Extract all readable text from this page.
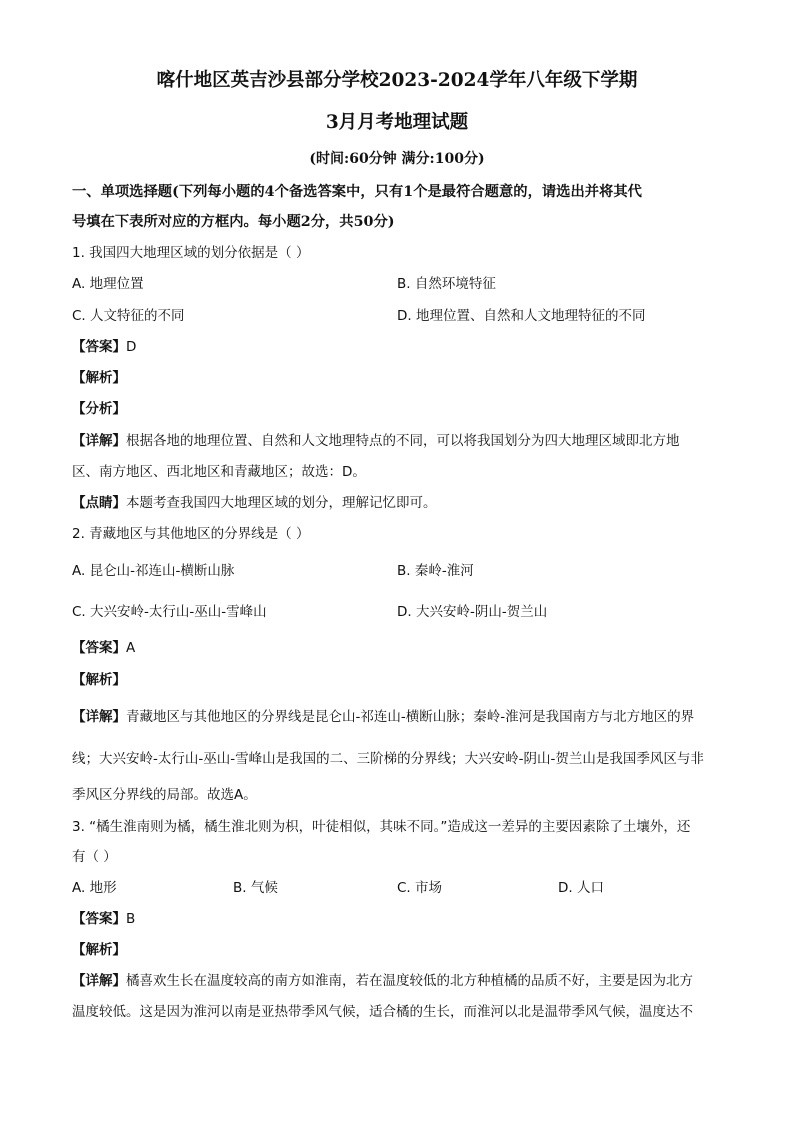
喀什地区英吉沙县部分学校2023-2024学年八年级下学期
3月月考地理试题
(时间:60分钟 满分:100分)
一、单项选择题(下列每小题的4个备选答案中，只有1个是最符合题意的，请选出并将其代
号填在下表所对应的方框内。每小题2分，共50分)
1. 我国四大地理区域的划分依据是（ ）
A. 地理位置	B. 自然环境特征
C. 人文特征的不同	D. 地理位置、自然和人文地理特征的不同
【答案】D
【解析】
【分析】
【详解】根据各地的地理位置、自然和人文地理特点的不同，可以将我国划分为四大地理区域即北方地
区、南方地区、西北地区和青藏地区；故选：D。
【点睛】本题考查我国四大地理区域的划分，理解记忆即可。
2. 青藏地区与其他地区的分界线是（ ）
A. 昆仑山-祁连山-横断山脉	B. 秦岭-淮河
C. 大兴安岭-太行山-巫山-雪峰山	D. 大兴安岭-阴山-贺兰山
【答案】A
【解析】
【详解】青藏地区与其他地区的分界线是昆仑山-祁连山-横断山脉；秦岭-淮河是我国南方与北方地区的界
线；大兴安岭-太行山-巫山-雪峰山是我国的二、三阶梯的分界线；大兴安岭-阴山-贺兰山是我国季风区与非
季风区分界线的局部。故选A。
3. “橘生淮南则为橘，橘生淮北则为枳，叶徒相似，其味不同。”造成这一差异的主要因素除了土壤外，还
有（ ）
A. 地形	B. 气候	C. 市场	D. 人口
【答案】B
【解析】
【详解】橘喜欢生长在温度较高的南方如淮南，若在温度较低的北方种植橘的品质不好，主要是因为北方
温度较低。这是因为淮河以南是亚热带季风气候，适合橘的生长，而淮河以北是温带季风气候，温度达不
